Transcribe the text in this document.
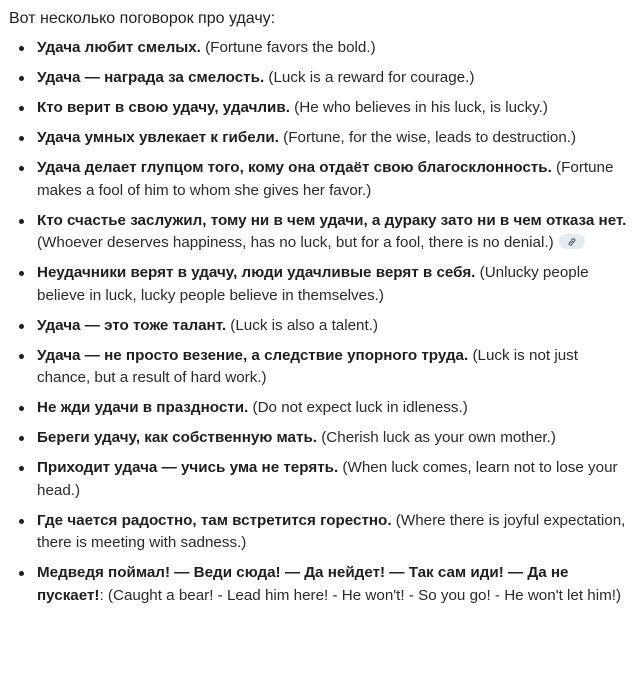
Вот несколько поговорок про удачу:
Удача любит смелых. (Fortune favors the bold.)
Удача — награда за смелость. (Luck is a reward for courage.)
Кто верит в свою удачу, удачлив. (He who believes in his luck, is lucky.)
Удача умных увлекает к гибели. (Fortune, for the wise, leads to destruction.)
Удача делает глупцом того, кому она отдаёт свою благосклонность. (Fortune makes a fool of him to whom she gives her favor.)
Кто счастье заслужил, тому ни в чем удачи, а дураку зато ни в чем отказа нет. (Whoever deserves happiness, has no luck, but for a fool, there is no denial.)
Неудачники верят в удачу, люди удачливые верят в себя. (Unlucky people believe in luck, lucky people believe in themselves.)
Удача — это тоже талант. (Luck is also a talent.)
Удача — не просто везение, а следствие упорного труда. (Luck is not just chance, but a result of hard work.)
Не жди удачи в праздности. (Do not expect luck in idleness.)
Береги удачу, как собственную мать. (Cherish luck as your own mother.)
Приходит удача — учись ума не терять. (When luck comes, learn not to lose your head.)
Где чается радостно, там встретится горестно. (Where there is joyful expectation, there is meeting with sadness.)
Медведя поймал! — Веди сюда! — Да нейдет! — Так сам иди! — Да не пускает!: (Caught a bear! - Lead him here! - He won't! - So you go! - He won't let him!)
